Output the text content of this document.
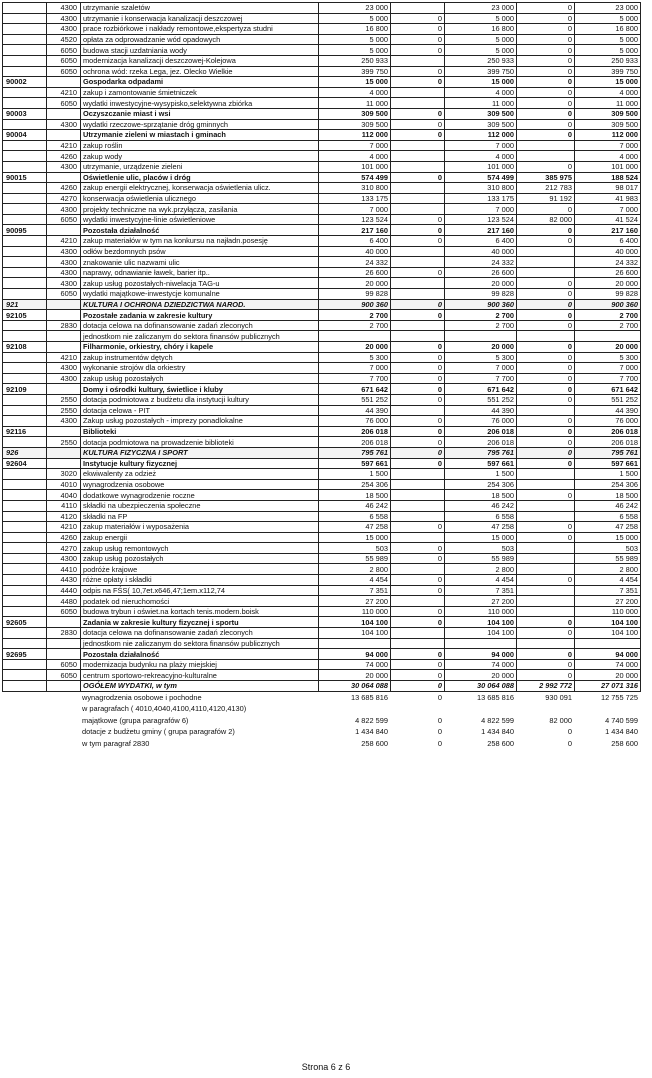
	4300	utrzymanie szaletów	23 000		23 000	0	23 000
	4300	utrzymanie i konserwacja kanalizacji deszczowej	5 000	0	5 000	0	5 000
	4300	prace rozbiórkowe i nakłady remontowe,ekspertyza studni	16 800	0	16 800	0	16 800
	4520	opłata za odprowadzanie wód opadowych	5 000	0	5 000	0	5 000
	6050	budowa stacji uzdatniania wody	5 000	0	5 000	0	5 000
	6050	modernizacja kanalizacji deszczowej-Kolejowa	250 933		250 933	0	250 933
	6050	ochrona wód: rzeka Lega, jez. Olecko Wielkie	399 750	0	399 750	0	399 750
90002		Gospodarka odpadami	15 000	0	15 000	0	15 000
	4210	zakup i zamontowanie śmietniczek	4 000		4 000	0	4 000
	6050	wydatki inwestycyjne-wysypisko,selektywna zbiórka	11 000		11 000	0	11 000
90003		Oczyszczanie miast i wsi	309 500	0	309 500	0	309 500
	4300	wydatki rzeczowe-sprzątanie dróg gminnych	309 500	0	309 500	0	309 500
90004		Utrzymanie zieleni w miastach i gminach	112 000	0	112 000	0	112 000
	4210	zakup roślin	7 000		7 000		7 000
	4260	zakup wody	4 000		4 000		4 000
	4300	utrzymanie, urządzenie zieleni	101 000		101 000	0	101 000
90015		Oświetlenie ulic, placów i dróg	574 499	0	574 499	385 975	188 524
	4260	zakup energii elektrycznej, konserwacja oświetlenia ulicz.	310 800		310 800	212 783	98 017
	4270	konserwacja oświetlenia ulicznego	133 175		133 175	91 192	41 983
	4300	projekty techniczne na wyk.przyłącza, zasilania	7 000		7 000	0	7 000
	6050	wydatki inwestycyjne-linie oświetleniowe	123 524	0	123 524	82 000	41 524
90095		Pozostała działalność	217 160	0	217 160	0	217 160
	4210	zakup materiałów w tym na konkursu na najładn.posesję	6 400	0	6 400	0	6 400
	4300	odłów bezdomnych psów	40 000		40 000		40 000
	4300	znakowanie ulic nazwami ulic	24 332		24 332		24 332
	4300	naprawy, odnawianie ławek, barier itp..	26 600	0	26 600		26 600
	4300	zakup usług pozostałych-niwelacja TAG-u	20 000		20 000	0	20 000
	6050	wydatki majątkowe-inwestycje komunalne	99 828		99 828	0	99 828
921		KULTURA I OCHRONA DZIEDZICTWA NAROD.	900 360	0	900 360	0	900 360
92105		Pozostałe zadania w zakresie kultury	2 700	0	2 700	0	2 700
	2830	dotacja celowa na dofinansowanie zadań zleconych	2 700		2 700	0	2 700
		jednostkom nie zaliczanym do sektora finansów publicznych					
92108		Filharmonie, orkiestry, chóry i kapele	20 000	0	20 000	0	20 000
	4210	zakup instrumentów dętych	5 300	0	5 300	0	5 300
	4300	wykonanie strojów dla orkiestry	7 000	0	7 000	0	7 000
	4300	zakup usług pozostałych	7 700	0	7 700	0	7 700
92109		Domy i ośrodki kultury, świetlice i kluby	671 642	0	671 642	0	671 642
	2550	dotacja podmiotowa z budżetu dla instytucji kultury	551 252	0	551 252	0	551 252
	2550	dotacja celowa - PIT	44 390		44 390		44 390
	4300	Zakup usług pozostałych - imprezy ponadlokalne	76 000	0	76 000	0	76 000
92116		Biblioteki	206 018	0	206 018	0	206 018
	2550	dotacja podmiotowa na prowadzenie biblioteki	206 018	0	206 018	0	206 018
926		KULTURA FIZYCZNA I SPORT	795 761	0	795 761	0	795 761
92604		Instytucje kultury fizycznej	597 661	0	597 661	0	597 661
	3020	ekwiwalenty za odzież	1 500		1 500		1 500
	4010	wynagrodzenia osobowe	254 306		254 306		254 306
	4040	dodatkowe wynagrodzenie roczne	18 500		18 500	0	18 500
	4110	składki na ubezpieczenia społeczne	46 242		46 242		46 242
	4120	składki na FP	6 558		6 558		6 558
	4210	zakup materiałów i wyposażenia	47 258	0	47 258	0	47 258
	4260	zakup energii	15 000		15 000	0	15 000
	4270	zakup usług remontowych	503	0	503		503
	4300	zakup usług pozostałych	55 989	0	55 989		55 989
	4410	podróże krajowe	2 800		2 800		2 800
	4430	różne opłaty i składki	4 454	0	4 454	0	4 454
	4440	odpis na FŚS( 10,7et.x646,47;1em.x112,74	7 351	0	7 351		7 351
	4480	podatek od nieruchomości	27 200		27 200		27 200
	6050	budowa trybun i oświet.na kortach tenis.modern.boisk	110 000	0	110 000		110 000
92605		Zadania w zakresie kultury fizycznej i sportu	104 100	0	104 100	0	104 100
	2830	dotacja celowa na dofinansowanie zadań zleconych	104 100		104 100	0	104 100
		jednostkom nie zaliczanym do sektora finansów publicznych					
92695		Pozostała działalność	94 000	0	94 000	0	94 000
	6050	modernizacja budynku na plaży miejskiej	74 000	0	74 000	0	74 000
	6050	centrum sportowo-rekreacyjno-kulturalne	20 000	0	20 000	0	20 000
		OGÓŁEM WYDATKI, w tym	30 064 088	0	30 064 088	2 992 772	27 071 316
	wynagrodzenia osobowe i pochodne	13 685 816	0	13 685 816	930 091	12 755 725
	w paragrafach ( 4010,4040,4100,4110,4120,4130)					
	majątkowe (grupa paragrafów 6)	4 822 599	0	4 822 599	82 000	4 740 599
	dotacje z budżetu gminy ( grupa paragrafów 2)	1 434 840	0	1 434 840	0	1 434 840
	w tym paragraf 2830	258 600	0	258 600	0	258 600
Strona 6 z 6
